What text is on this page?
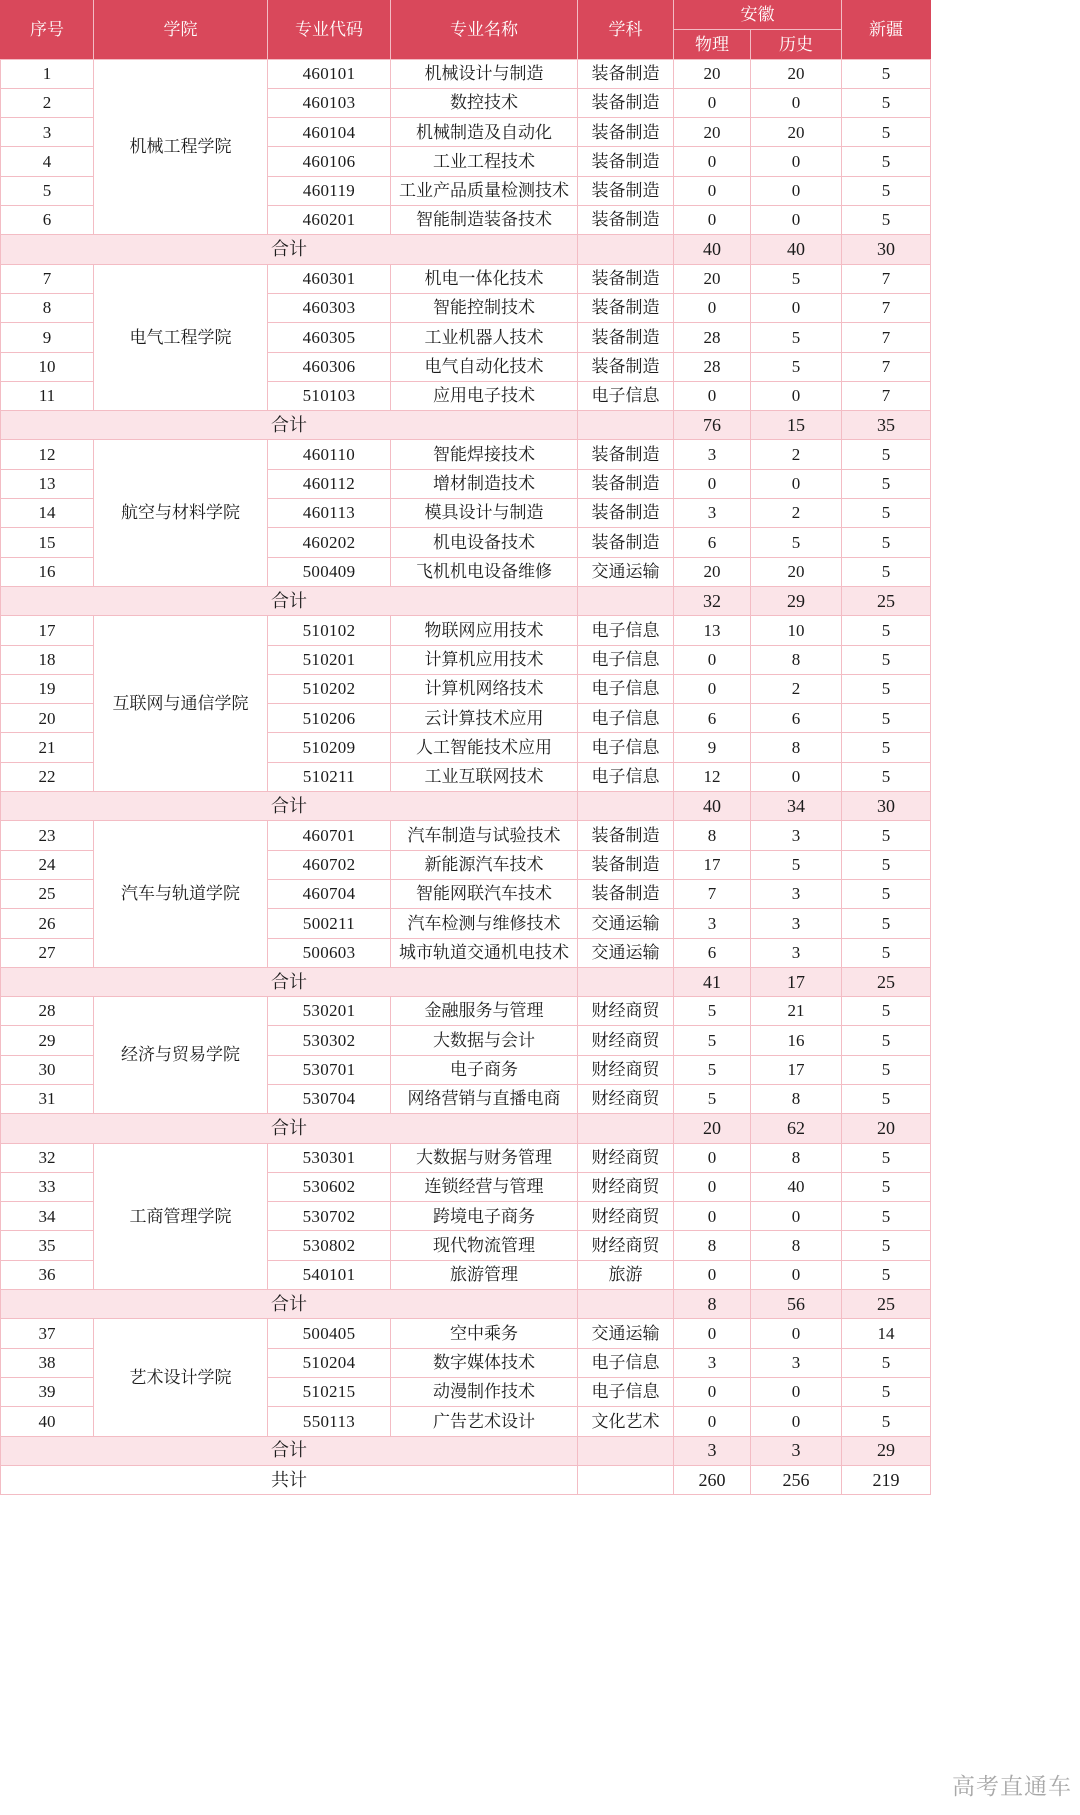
序号	学院	专业代码	专业名称	学科	安徽		新疆
					物理	历史	
1	机械工程学院	460101	机械设计与制造	装备制造	20	20	5
2		460103	数控技术	装备制造	0	0	5
3		460104	机械制造及自动化	装备制造	20	20	5
4		460106	工业工程技术	装备制造	0	0	5
5		460119	工业产品质量检测技术	装备制造	0	0	5
6		460201	智能制造装备技术	装备制造	0	0	5
合计					40	40	30
7	电气工程学院	460301	机电一体化技术	装备制造	20	5	7
8		460303	智能控制技术	装备制造	0	0	7
9		460305	工业机器人技术	装备制造	28	5	7
10		460306	电气自动化技术	装备制造	28	5	7
11		510103	应用电子技术	电子信息	0	0	7
合计					76	15	35
12	航空与材料学院	460110	智能焊接技术	装备制造	3	2	5
13		460112	增材制造技术	装备制造	0	0	5
14		460113	模具设计与制造	装备制造	3	2	5
15		460202	机电设备技术	装备制造	6	5	5
16		500409	飞机机电设备维修	交通运输	20	20	5
合计					32	29	25
17	互联网与通信学院	510102	物联网应用技术	电子信息	13	10	5
18		510201	计算机应用技术	电子信息	0	8	5
19		510202	计算机网络技术	电子信息	0	2	5
20		510206	云计算技术应用	电子信息	6	6	5
21		510209	人工智能技术应用	电子信息	9	8	5
22		510211	工业互联网技术	电子信息	12	0	5
合计					40	34	30
23	汽车与轨道学院	460701	汽车制造与试验技术	装备制造	8	3	5
24		460702	新能源汽车技术	装备制造	17	5	5
25		460704	智能网联汽车技术	装备制造	7	3	5
26		500211	汽车检测与维修技术	交通运输	3	3	5
27		500603	城市轨道交通机电技术	交通运输	6	3	5
合计					41	17	25
28	经济与贸易学院	530201	金融服务与管理	财经商贸	5	21	5
29		530302	大数据与会计	财经商贸	5	16	5
30		530701	电子商务	财经商贸	5	17	5
31		530704	网络营销与直播电商	财经商贸	5	8	5
合计					20	62	20
32	工商管理学院	530301	大数据与财务管理	财经商贸	0	8	5
33		530602	连锁经营与管理	财经商贸	0	40	5
34		530702	跨境电子商务	财经商贸	0	0	5
35		530802	现代物流管理	财经商贸	8	8	5
36		540101	旅游管理	旅游	0	0	5
合计					8	56	25
37	艺术设计学院	500405	空中乘务	交通运输	0	0	14
38		510204	数字媒体技术	电子信息	3	3	5
39		510215	动漫制作技术	电子信息	0	0	5
40		550113	广告艺术设计	文化艺术	0	0	5
合计					3	3	29
共计					260	256	219
高考直通车
